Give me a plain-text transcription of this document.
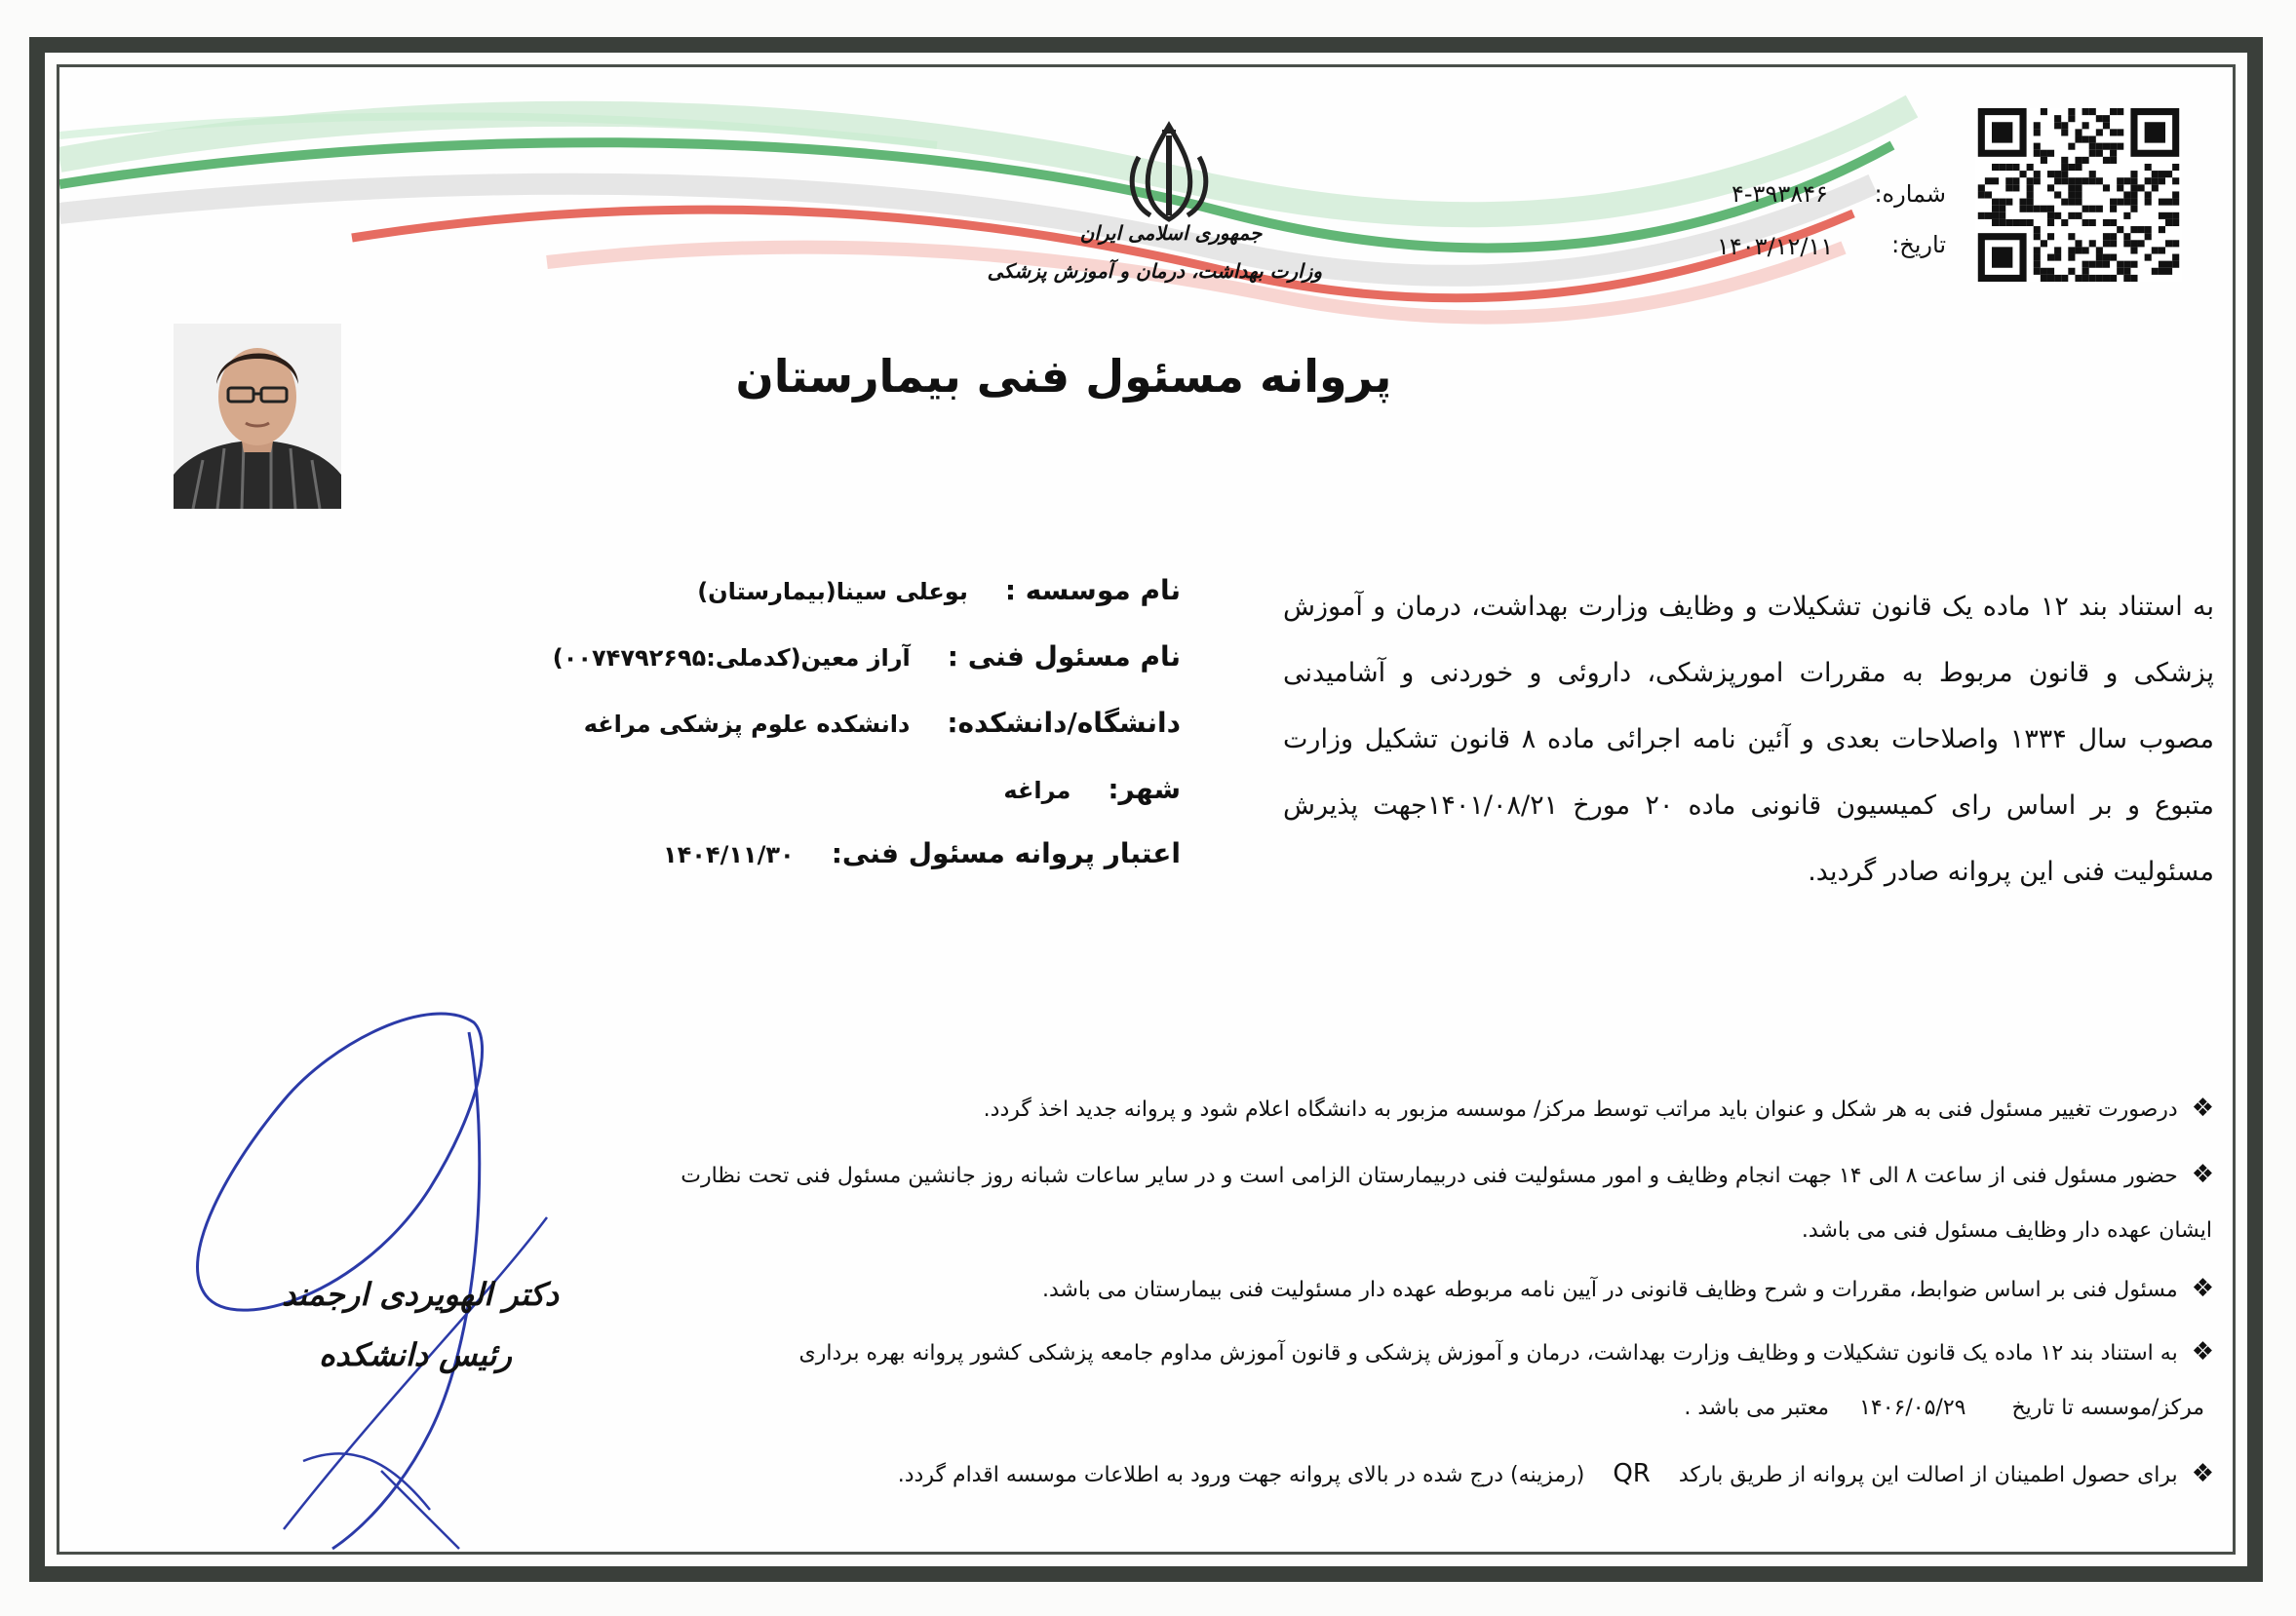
جمهوری اسلامی ایران
وزارت بهداشت، درمان و آموزش پزشکی
شماره:
۴-۳۹۳۸۴۶
تاریخ:
۱۴۰۳/۱۲/۱۱
پروانه مسئول فنی بیمارستان
به استناد بند ۱۲ ماده یک قانون تشکیلات و وظایف وزارت بهداشت، درمان و آموزش پزشکی و قانون مربوط به مقررات امورپزشکی، داروئی و خوردنی و آشامیدنی مصوب سال ۱۳۳۴ واصلاحات بعدی و آئین نامه اجرائی ماده ۸ قانون تشکیل وزارت متبوع و بر اساس رای کمیسیون قانونی ماده ۲۰ مورخ ۱۴۰۱/۰۸/۲۱جهت پذیرش مسئولیت فنی این پروانه صادر گردید.
نام موسسه :بوعلی سینا(بیمارستان)
نام مسئول فنی :آراز معین(کدملی:۰۰۷۴۷۹۲۶۹۵)
دانشگاه/دانشکده:دانشکده علوم پزشکی مراغه
شهر:مراغه
اعتبار پروانه مسئول فنی:۱۴۰۴/۱۱/۳۰
❖درصورت تغییر مسئول فنی به هر شکل و عنوان باید مراتب توسط مرکز/ موسسه مزبور به دانشگاه اعلام شود و پروانه جدید اخذ گردد.
❖حضور مسئول فنی از ساعت ۸ الی ۱۴ جهت انجام وظایف و امور مسئولیت فنی دربیمارستان الزامی است و در سایر ساعات شبانه روز جانشین مسئول فنی تحت نظارت
ایشان عهده دار وظایف مسئول فنی می باشد.
❖مسئول فنی بر اساس ضوابط، مقررات و شرح وظایف قانونی در آیین نامه مربوطه عهده دار مسئولیت فنی بیمارستان می باشد.
❖به استناد بند ۱۲ ماده یک قانون تشکیلات و وظایف وزارت بهداشت، درمان و آموزش پزشکی و قانون آموزش مداوم جامعه پزشکی کشور پروانه بهره برداری
مرکز/موسسه تا تاریخ ۱۴۰۶/۰۵/۲۹ معتبر می باشد .
❖برای حصول اطمینان از اصالت این پروانه از طریق بارکد QR (رمزینه) درج شده در بالای پروانه جهت ورود به اطلاعات موسسه اقدام گردد.
دکتر الهویردی ارجمند
رئیس دانشکده
